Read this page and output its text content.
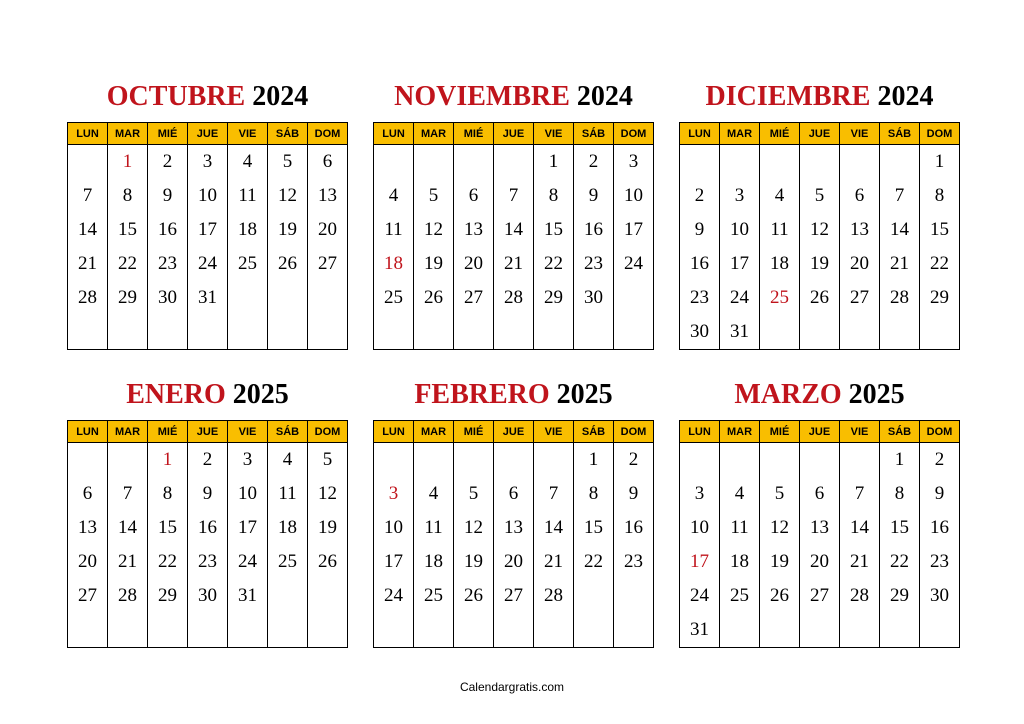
OCTUBRE 2024
LUN	MAR	MIÉ	JUE	VIE	SÁB	DOM
	1	2	3	4	5	6
7	8	9	10	11	12	13
14	15	16	17	18	19	20
21	22	23	24	25	26	27
28	29	30	31			

NOVIEMBRE 2024
LUN	MAR	MIÉ	JUE	VIE	SÁB	DOM
				1	2	3
4	5	6	7	8	9	10
11	12	13	14	15	16	17
18	19	20	21	22	23	24
25	26	27	28	29	30	

DICIEMBRE 2024
LUN	MAR	MIÉ	JUE	VIE	SÁB	DOM
						1
2	3	4	5	6	7	8
9	10	11	12	13	14	15
16	17	18	19	20	21	22
23	24	25	26	27	28	29
30	31					
ENERO 2025
LUN	MAR	MIÉ	JUE	VIE	SÁB	DOM
		1	2	3	4	5
6	7	8	9	10	11	12
13	14	15	16	17	18	19
20	21	22	23	24	25	26
27	28	29	30	31		

FEBRERO 2025
LUN	MAR	MIÉ	JUE	VIE	SÁB	DOM
					1	2
3	4	5	6	7	8	9
10	11	12	13	14	15	16
17	18	19	20	21	22	23
24	25	26	27	28		

MARZO 2025
LUN	MAR	MIÉ	JUE	VIE	SÁB	DOM
					1	2
3	4	5	6	7	8	9
10	11	12	13	14	15	16
17	18	19	20	21	22	23
24	25	26	27	28	29	30
31						
Calendargratis.com
